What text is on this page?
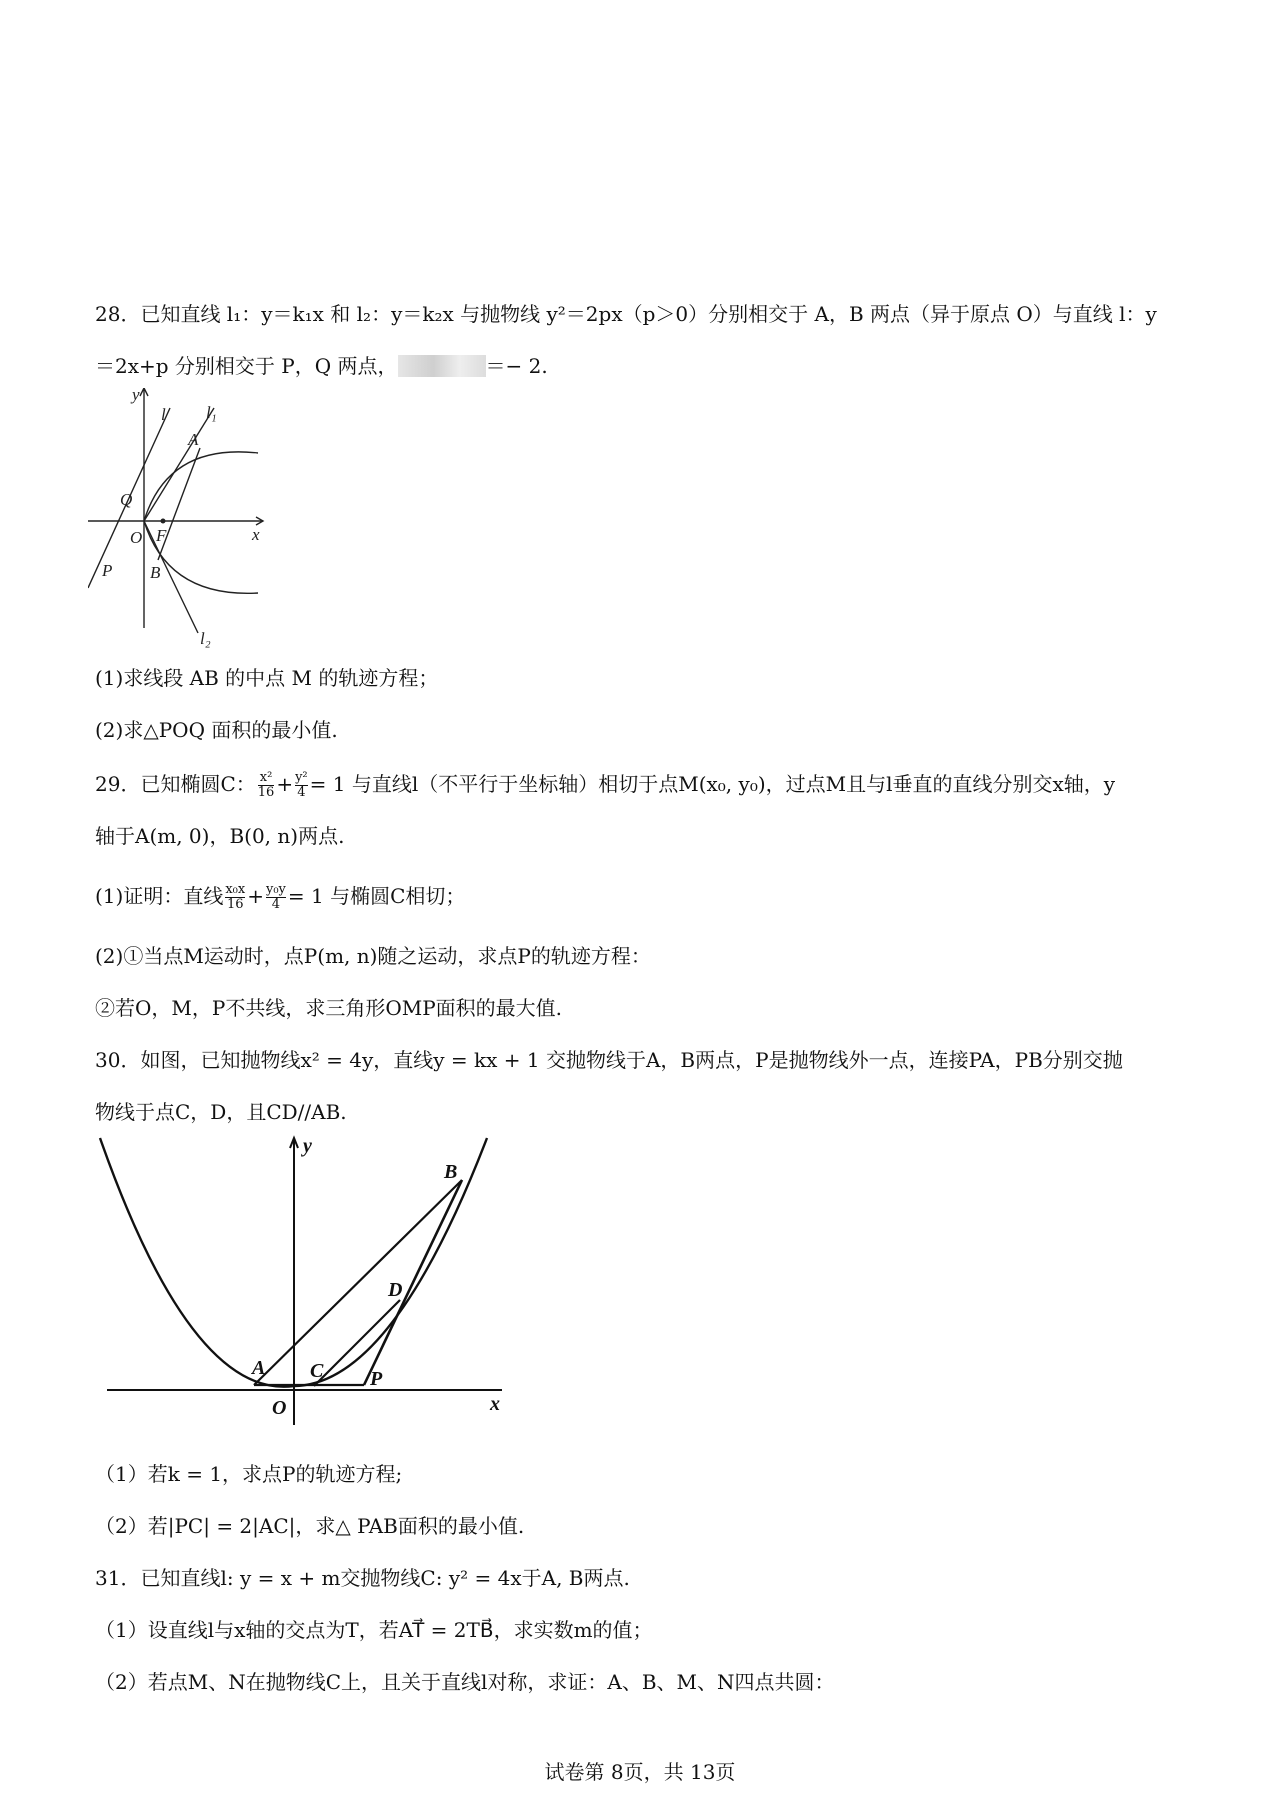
28．已知直线 l₁：y＝k₁x 和 l₂：y＝k₂x 与抛物线 y²＝2px（p＞0）分别相交于 A，B 两点（异于原点 O）与直线 l：y
＝2x+p 分别相交于 P，Q 两点，	＝− 2.
y
x
l l₁
l₂
A
B
Q
O F
P
(1)求线段 AB 的中点 M 的轨迹方程；
(2)求△POQ 面积的最小值.
29．已知椭圆C： $\frac{\text{x²}}{16} + \frac{\text{y²}}{4} = 1$ 与直线l（不平行于坐标轴）相切于点M(x₀, y₀)，过点M且与l垂直的直线分别交x轴，y
轴于A(m, 0)，B(0, n)两点.
(1)证明：直线 $\frac{\text{x₀x}}{16} + \frac{\text{y₀y}}{4} = 1$ 与椭圆C相切；
(2)①当点M运动时，点P(m, n)随之运动，求点P的轨迹方程：
②若O，M，P不共线，求三角形OMP面积的最大值.
30．如图，已知抛物线x² = 4y，直线y = kx + 1 交抛物线于A，B两点，P是抛物线外一点，连接PA，PB分别交抛
物线于点C，D，且CD//AB.
y
x
B
D
A C P
O
（1）若k = 1，求点P的轨迹方程;
（2）若|PC| = 2|AC|，求△ PAB面积的最小值.
31．已知直线l: y = x + m交抛物线C: y² = 4x于A, B两点.
（1）设直线l与x轴的交点为T，若AT⃗ = 2TB⃗，求实数m的值；
（2）若点M、N在抛物线C上，且关于直线l对称，求证：A、B、M、N四点共圆：
试卷第 8页，共 13页
